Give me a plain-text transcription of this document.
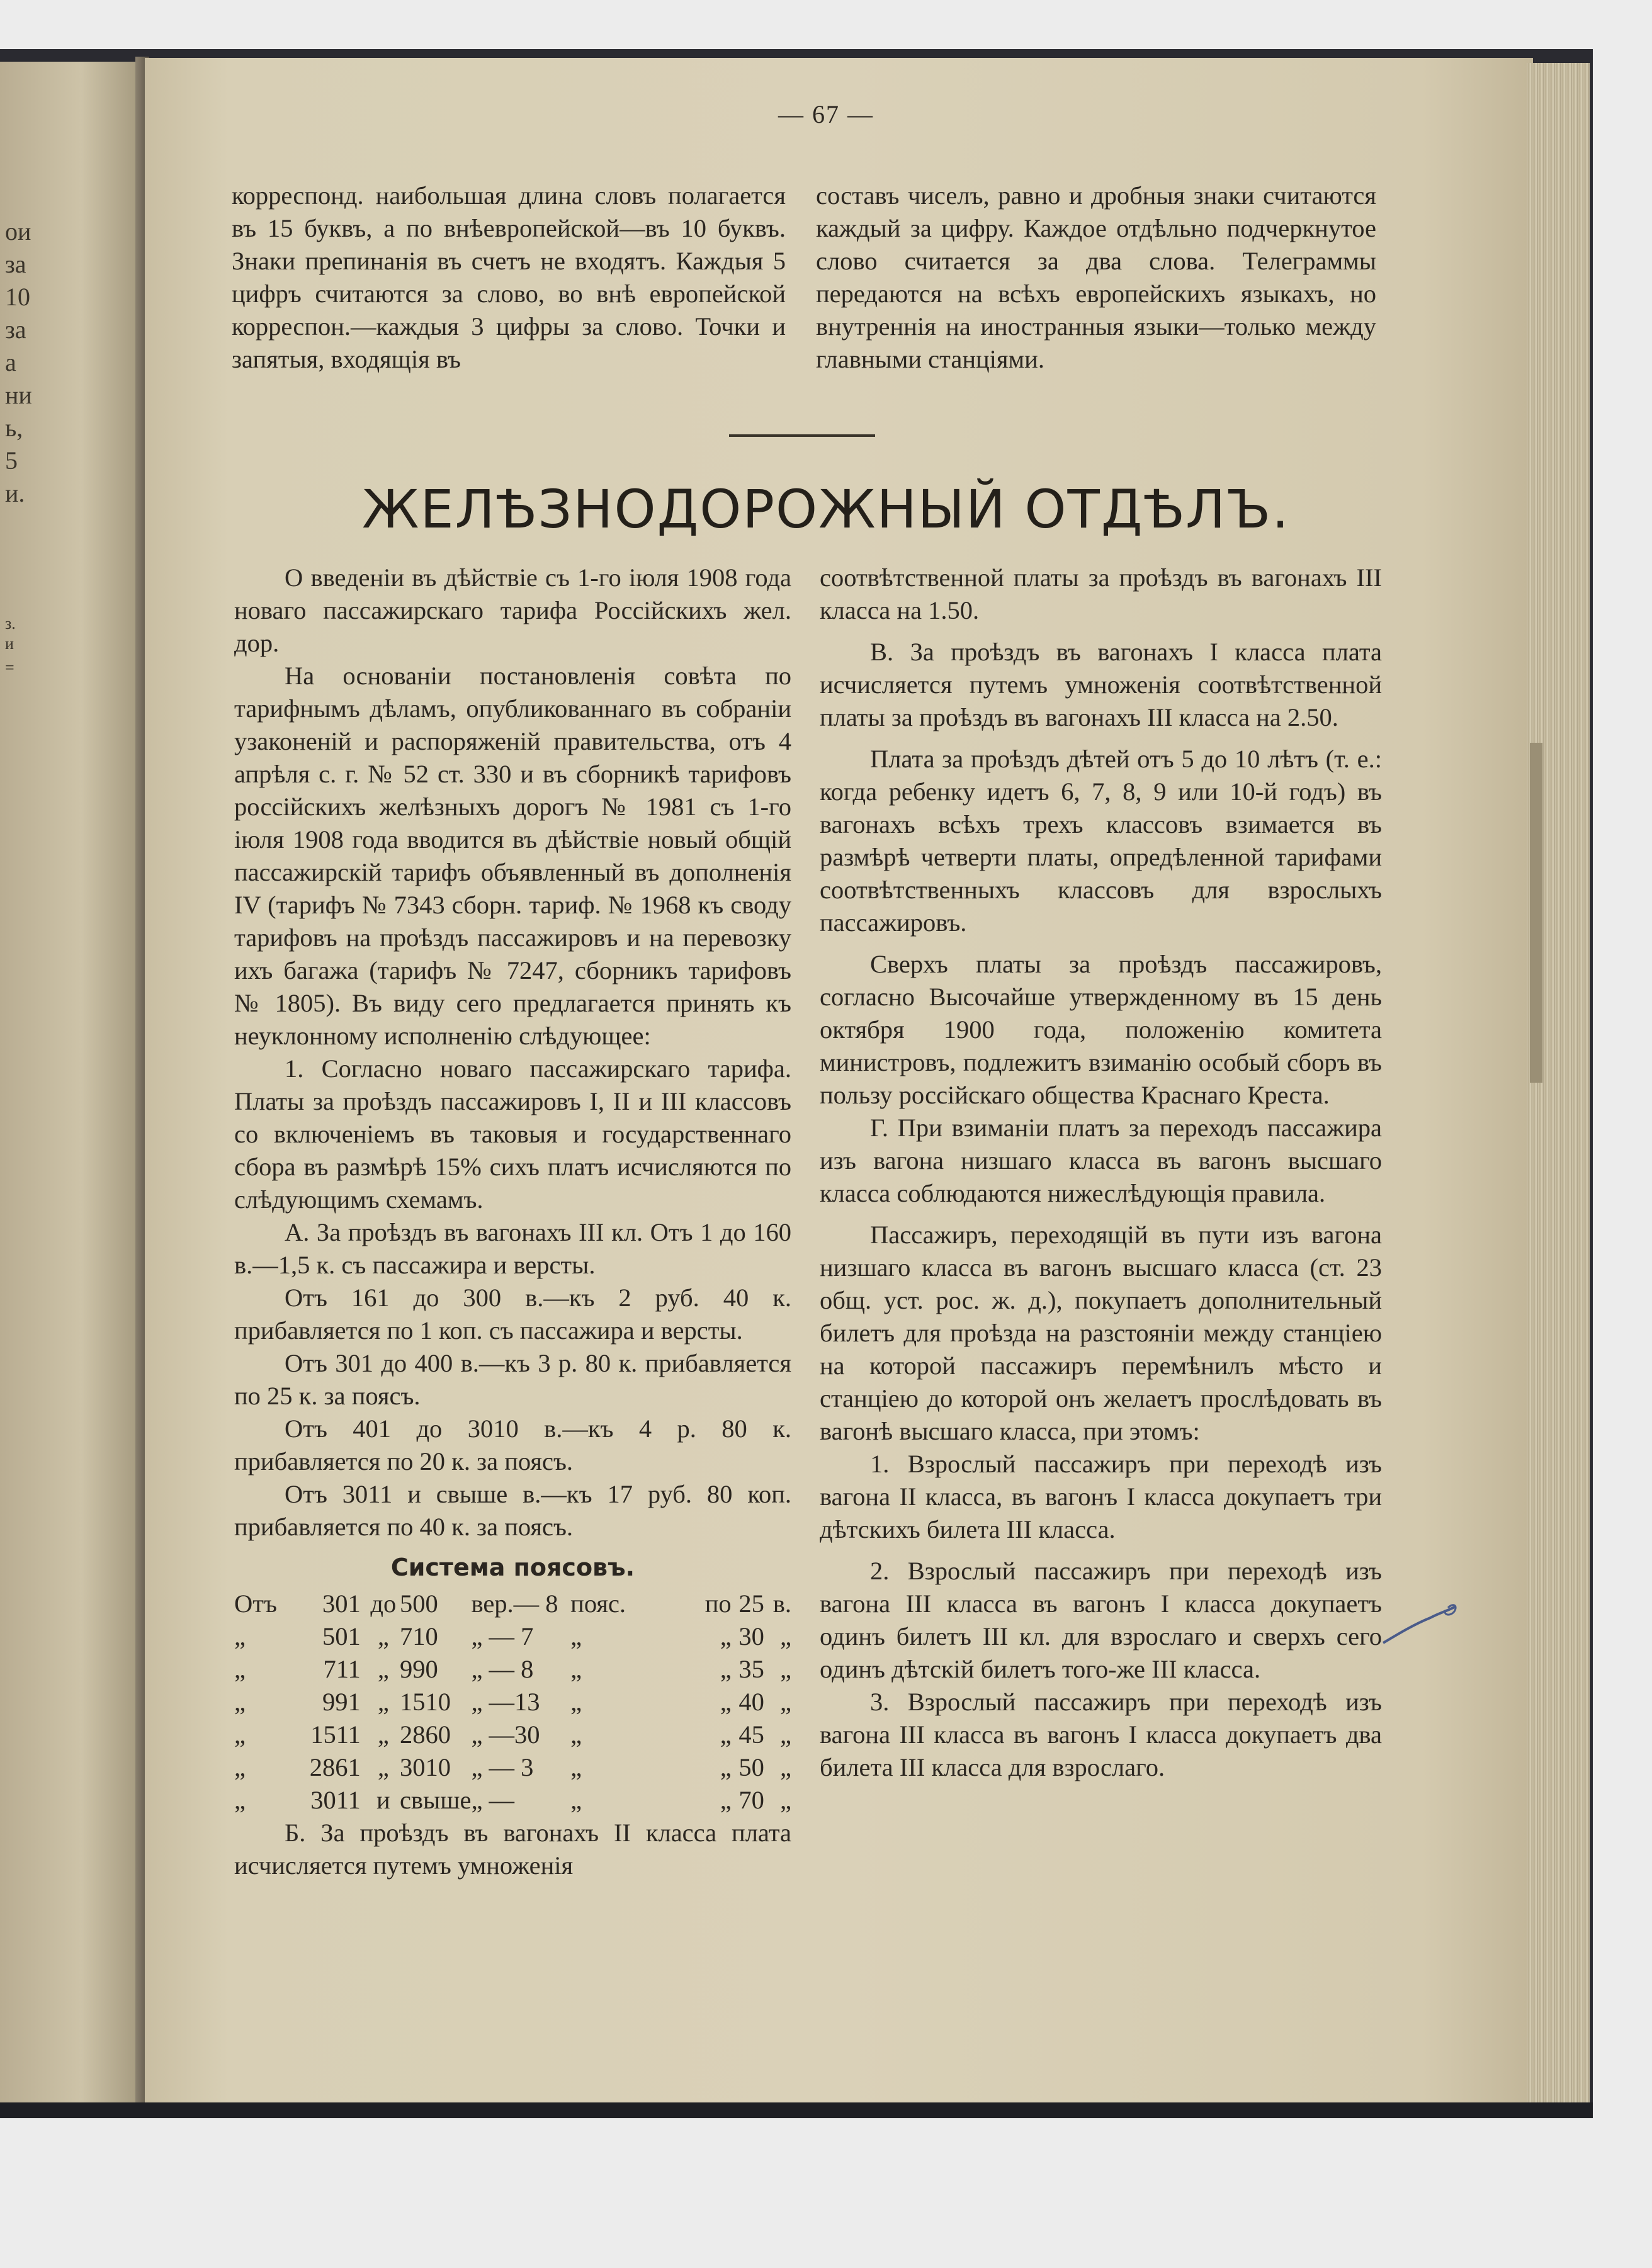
ои
за
10
за
а
ни
ь,
5
и.
з.
и
=
— 67 —

корреспонд. наибольшая длина словъ полагается въ 15 буквъ, а по внѣевропейской—въ 10 буквъ. Знаки препинанія въ счетъ не входятъ. Каждыя 5 цифръ считаются за слово, во внѣ европейской корреспон.—каждыя 3 цифры за слово. Точки и запятыя, входящія въ

составъ чиселъ, равно и дробныя знаки считаются каждый за цифру. Каждое отдѣльно подчеркнутое слово считается за два слова. Телеграммы передаются на всѣхъ европейскихъ языкахъ, но внутреннія на иностранныя языки—только между главными станціями.

ЖЕЛѢЗНОДОРОЖНЫЙ ОТДѢЛЪ.

О введеніи въ дѣйствіе съ 1-го іюля 1908 года новаго пассажирскаго тарифа Россійскихъ жел. дор.

На основаніи постановленія совѣта по тарифнымъ дѣламъ, опубликованнаго въ собраніи узаконеній и распоряженій правительства, отъ 4 апрѣля с. г. № 52 ст. 330 и въ сборникѣ тарифовъ россійскихъ желѣзныхъ дорогъ № 1981 съ 1-го іюля 1908 года вводится въ дѣйствіе новый общій пассажирскій тарифъ объявленный въ дополненія IV (тарифъ № 7343 сборн. тариф. № 1968 къ своду тарифовъ на проѣздъ пассажировъ и на перевозку ихъ багажа (тарифъ № 7247, сборникъ тарифовъ № 1805). Въ виду сего предлагается принять къ неуклонному исполненію слѣдующее:

1. Согласно новаго пассажирскаго тарифа. Платы за проѣздъ пассажировъ I, II и III классовъ со включеніемъ въ таковыя и государственнаго сбора въ размѣрѣ 15% сихъ платъ исчисляются по слѣдующимъ схемамъ.

А. За проѣздъ въ вагонахъ III кл. Отъ 1 до 160 в.—1,5 к. съ пассажира и версты.

Отъ 161 до 300 в.—къ 2 руб. 40 к. прибавляется по 1 коп. съ пассажира и версты.

Отъ 301 до 400 в.—къ 3 р. 80 к. прибавляется по 25 к. за поясъ.

Отъ 401 до 3010 в.—къ 4 р. 80 к. прибавляется по 20 к. за поясъ.

Отъ 3011 и свыше в.—къ 17 руб. 80 коп. прибавляется по 40 к. за поясъ.

Система поясовъ.

Отъ	301	до	500	вер.— 8	пояс.	по	25	в.
„	501	„	710	„ — 7	„	„	30	„
„	711	„	990	„ — 8	„	„	35	„
„	991	„	1510	„ —13	„	„	40	„
„	1511	„	2860	„ —30	„	„	45	„
„	2861	„	3010	„ — 3	„	„	50	„
„	3011	и	свыше	„ —	„	„	70	„

Б. За проѣздъ въ вагонахъ II класса плата исчисляется путемъ умноженія

соотвѣтственной платы за проѣздъ въ вагонахъ III класса на 1.50.

В. За проѣздъ въ вагонахъ I класса плата исчисляется путемъ умноженія соотвѣтственной платы за проѣздъ въ вагонахъ III класса на 2.50.

Плата за проѣздъ дѣтей отъ 5 до 10 лѣтъ (т. е.: когда ребенку идетъ 6, 7, 8, 9 или 10-й годъ) въ вагонахъ всѣхъ трехъ классовъ взимается въ размѣрѣ четверти платы, опредѣленной тарифами соотвѣтственныхъ классовъ для взрослыхъ пассажировъ.

Сверхъ платы за проѣздъ пассажировъ, согласно Высочайше утвержденному въ 15 день октября 1900 года, положенію комитета министровъ, подлежитъ взиманію особый сборъ въ пользу россійскаго общества Краснаго Креста.

Г. При взиманіи платъ за переходъ пассажира изъ вагона низшаго класса въ вагонъ высшаго класса соблюдаются нижеслѣдующія правила.

Пассажиръ, переходящій въ пути изъ вагона низшаго класса въ вагонъ высшаго класса (ст. 23 общ. уст. рос. ж. д.), покупаетъ дополнительный билетъ для проѣзда на разстояніи между станціею на которой пассажиръ перемѣнилъ мѣсто и станціею до которой онъ желаетъ прослѣдовать въ вагонѣ высшаго класса, при этомъ:

1. Взрослый пассажиръ при переходѣ изъ вагона II класса, въ вагонъ I класса докупаетъ три дѣтскихъ билета III класса.

2. Взрослый пассажиръ при переходѣ изъ вагона III класса въ вагонъ I класса докупаетъ одинъ билетъ III кл. для взрослаго и сверхъ сего одинъ дѣтскій билетъ того-же III класса.

3. Взрослый пассажиръ при переходѣ изъ вагона III класса въ вагонъ I класса докупаетъ два билета III класса для взрослаго.
